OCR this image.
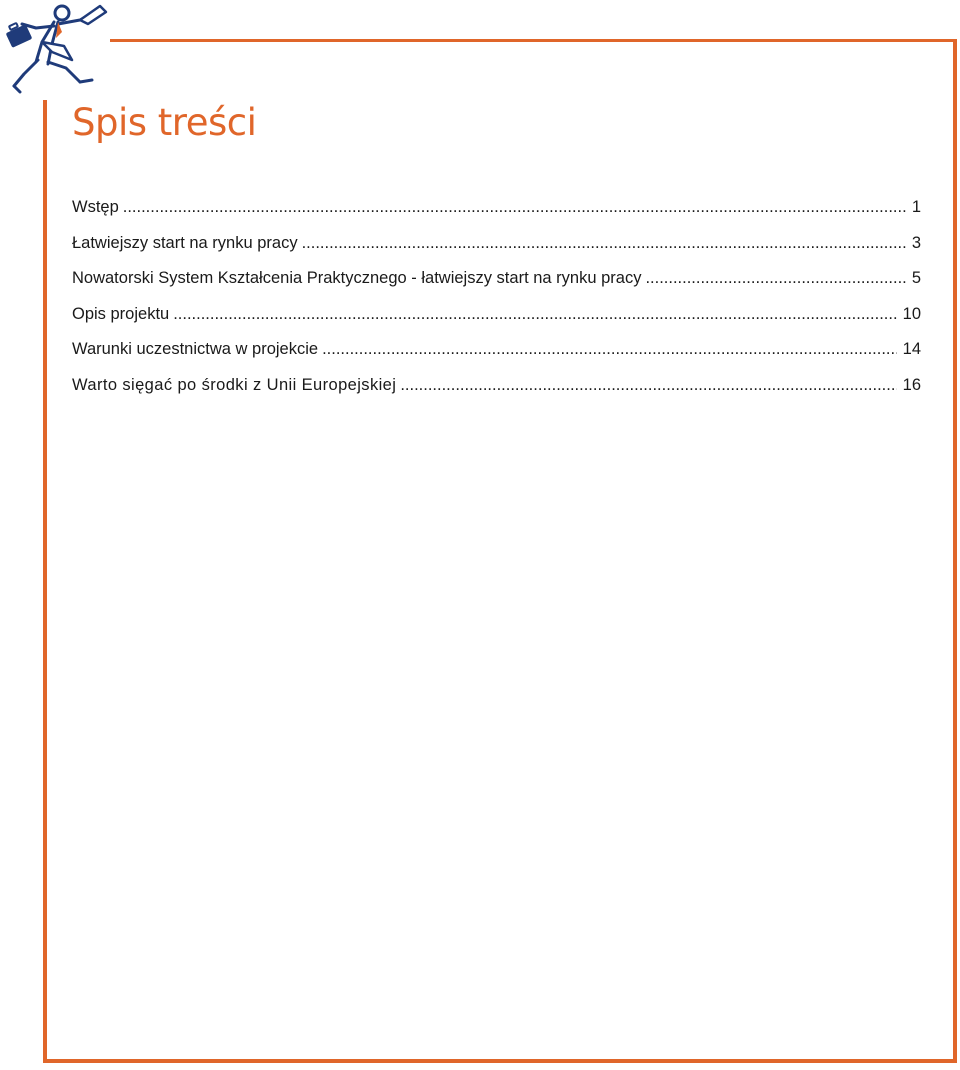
Spis treści
Wstęp .....	1
Łatwiejszy start na rynku pracy .....	3
Nowatorski System Kształcenia Praktycznego - łatwiejszy start na rynku pracy .....	5
Opis projektu .....	10
Warunki uczestnictwa w projekcie .....	14
Warto sięgać po środki z Unii Europejskiej .....	16
